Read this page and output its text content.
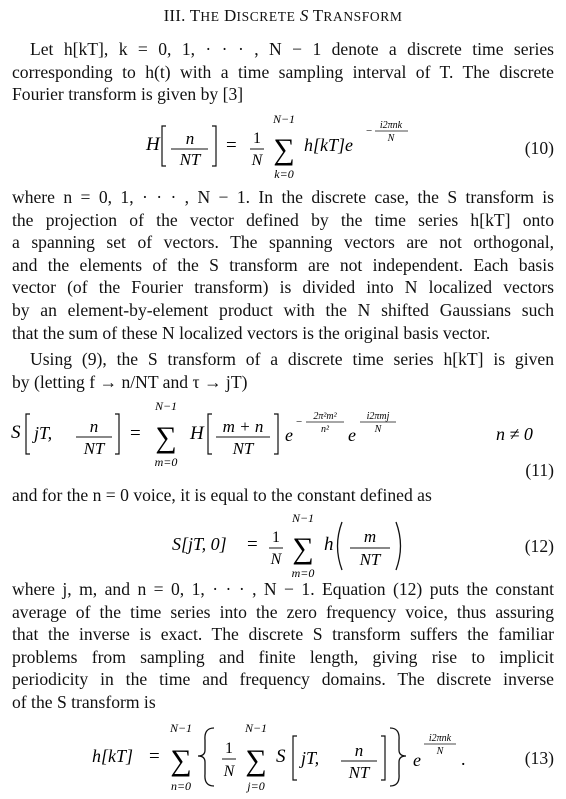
III. THE DISCRETE S TRANSFORM

Let h[kT], k = 0, 1, · · · , N − 1 denote a discrete time series
corresponding to h(t) with a time sampling interval of T. The discrete
Fourier transform is given by [3]

H n
NT
= 1
N
N−1
∑
k=0
h[kT]e
− i2πnk
N	(10)

where n = 0, 1, · · · , N − 1. In the discrete case, the S transform is
the projection of the vector defined by the time series h[kT] onto
a spanning set of vectors. The spanning vectors are not orthogonal,
and the elements of the S transform are not independent. Each basis
vector (of the Fourier transform) is divided into N localized vectors
by an element-by-element product with the N shifted Gaussians such
that the sum of these N localized vectors is the original basis vector.

Using (9), the S transform of a discrete time series h[kT] is given
by (letting f → n/NT and τ → jT)

S jT, n
NT
=
N−1
∑
m=0
H m + n
NT
e
− 2π²m²
n² e
i2πmj
N	n ≠ 0
(11)

and for the n = 0 voice, it is equal to the constant defined as

S[jT, 0] = 1
N
N−1
∑
m=0
h m
NT
(12)

where j, m, and n = 0, 1, · · · , N − 1. Equation (12) puts the constant
average of the time series into the zero frequency voice, thus assuring
that the inverse is exact. The discrete S transform suffers the familiar
problems from sampling and finite length, giving rise to implicit
periodicity in the time and frequency domains. The discrete inverse
of the S transform is

h[kT] =
N−1
∑
n=0
1
N
N−1
∑
j=0
S jT, n
NT
e
i2πnk
N .	(13)
